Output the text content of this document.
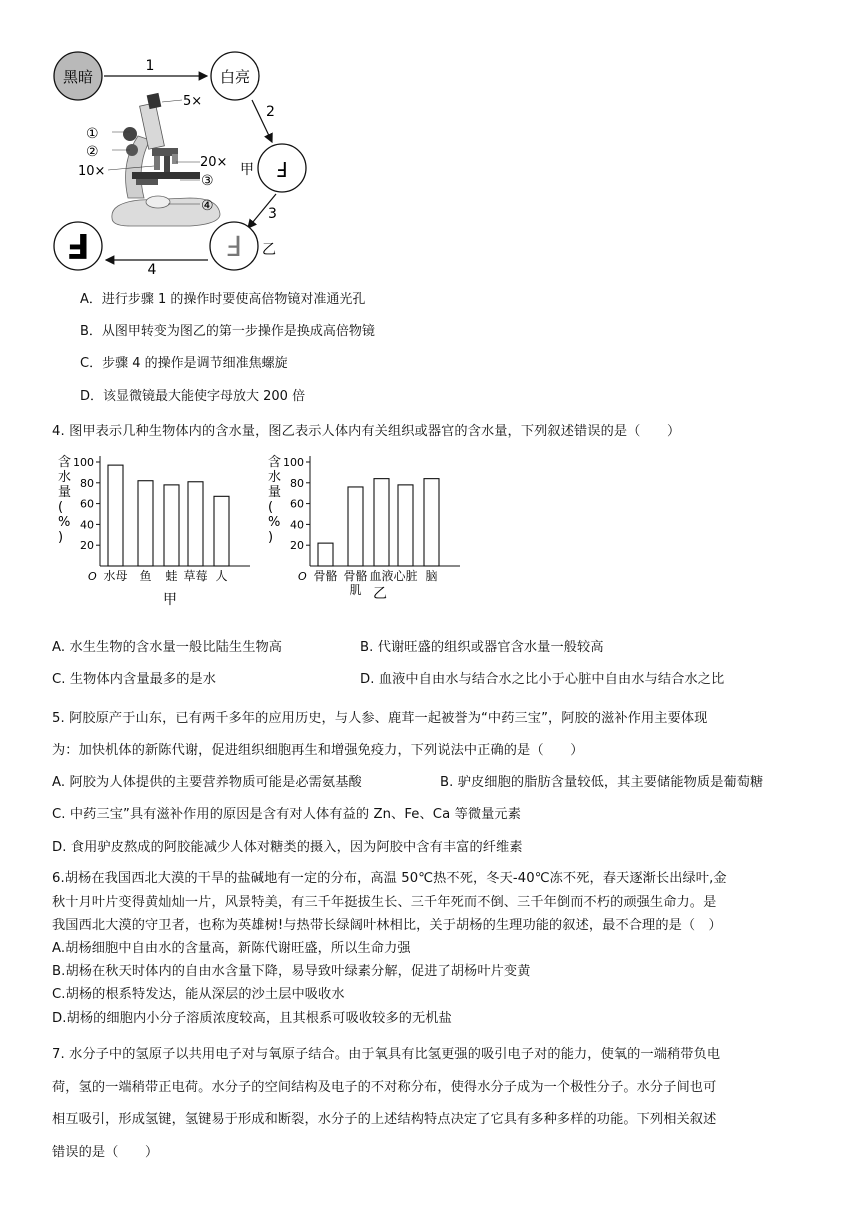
黑暗	白亮
1
2
F
甲
3
F 乙
4
F
5×
①
②
10×
20×
③
④
A．进行步骤 1 的操作时要使高倍物镜对准通光孔
B．从图甲转变为图乙的第一步操作是换成高倍物镜
C．步骤 4 的操作是调节细准焦螺旋
D．该显微镜最大能使字母放大 200 倍
4. 图甲表示几种生物体内的含水量，图乙表示人体内有关组织或器官的含水量，下列叙述错误的是（　　）
100
80
60
40
20
O
含水量( % )
水母 鱼 蛙 草莓 人
甲
100
80
60
40
20
O
含水量( % )
骨骼 骨骼肌
血液 心脏 脑
乙
A. 水生生物的含水量一般比陆生生物高	B. 代谢旺盛的组织或器官含水量一般较高
C. 生物体内含量最多的是水	D. 血液中自由水与结合水之比小于心脏中自由水与结合水之比
5. 阿胶原产于山东，已有两千多年的应用历史，与人参、鹿茸一起被誉为“中药三宝”，阿胶的滋补作用主要体现
为：加快机体的新陈代谢，促进组织细胞再生和增强免疫力，下列说法中正确的是（　　）
A. 阿胶为人体提供的主要营养物质可能是必需氨基酸	B. 驴皮细胞的脂肪含量较低，其主要储能物质是葡萄糖
C. 中药三宝”具有滋补作用的原因是含有对人体有益的 Zn、Fe、Ca 等微量元素
D. 食用驴皮熬成的阿胶能减少人体对糖类的摄入，因为阿胶中含有丰富的纤维素
6.胡杨在我国西北大漠的干旱的盐碱地有一定的分布，高温 50℃热不死，冬天-40℃冻不死，春天逐渐长出绿叶,金
秋十月叶片变得黄灿灿一片，风景特美，有三千年挺拔生长、三千年死而不倒、三千年倒而不朽的顽强生命力。是
我国西北大漠的守卫者，也称为英雄树!与热带长绿阔叶林相比，关于胡杨的生理功能的叙述，最不合理的是（　）
A.胡杨细胞中自由水的含量高，新陈代谢旺盛，所以生命力强
B.胡杨在秋天时体内的自由水含量下降，易导致叶绿素分解，促进了胡杨叶片变黄
C.胡杨的根系特发达，能从深层的沙土层中吸收水
D.胡杨的细胞内小分子溶质浓度较高，且其根系可吸收较多的无机盐
7. 水分子中的氢原子以共用电子对与氧原子结合。由于氧具有比氢更强的吸引电子对的能力，使氧的一端稍带负电
荷，氢的一端稍带正电荷。水分子的空间结构及电子的不对称分布，使得水分子成为一个极性分子。水分子间也可
相互吸引，形成氢键，氢键易于形成和断裂，水分子的上述结构特点决定了它具有多种多样的功能。下列相关叙述
错误的是（　　）
